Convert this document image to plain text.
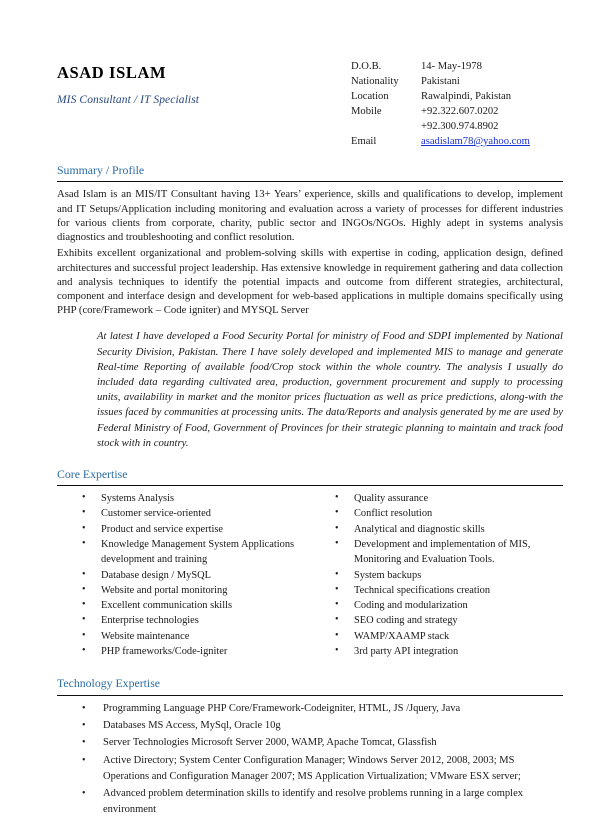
ASAD ISLAM
MIS Consultant / IT Specialist
D.O.B.	14- May-1978
Nationality	Pakistani
Location	Rawalpindi, Pakistan
Mobile	+92.322.607.0202
	+92.300.974.8902
Email	asadislam78@yahoo.com
Summary / Profile

Asad Islam is an MIS/IT Consultant having 13+ Years’ experience, skills and qualifications to develop, implement and IT Setups/Application including monitoring and evaluation across a variety of processes for different industries for various clients from corporate, charity, public sector and INGOs/NGOs. Highly adept in systems analysis diagnostics and troubleshooting and conflict resolution.

Exhibits excellent organizational and problem-solving skills with expertise in coding, application design, defined architectures and successful project leadership. Has extensive knowledge in requirement gathering and data collection and analysis techniques to identify the potential impacts and outcome from different strategies, architectural, component and interface design and development for web-based applications in multiple domains specifically using PHP (core/Framework – Code igniter) and MYSQL Server

At latest I have developed a Food Security Portal for ministry of Food and SDPI implemented by National Security Division, Pakistan. There I have solely developed and implemented MIS to manage and generate Real-time Reporting of available food/Crop stock within the whole country. The analysis I usually do included data regarding cultivated area, production, government procurement and supply to processing units, availability in market and the monitor prices fluctuation as well as price predictions, along-with the issues faced by communities at processing units. The data/Reports and analysis generated by me are used by Federal Ministry of Food, Government of Provinces for their strategic planning to maintain and track food stock with in country.

Core Expertise
• Systems Analysis
• Customer service-oriented
• Product and service expertise
• Knowledge Management System Applications development and training
• Database design / MySQL
• Website and portal monitoring
• Excellent communication skills
• Enterprise technologies
• Website maintenance
• PHP frameworks/Code-igniter
• Quality assurance
• Conflict resolution
• Analytical and diagnostic skills
• Development and implementation of MIS, Monitoring and Evaluation Tools.
• System backups
• Technical specifications creation
• Coding and modularization
• SEO coding and strategy
• WAMP/XAAMP stack
• 3rd party API integration
Technology Expertise
• Programming Language PHP Core/Framework-Codeigniter, HTML, JS /Jquery, Java
• Databases MS Access, MySql, Oracle 10g
• Server Technologies Microsoft Server 2000, WAMP, Apache Tomcat, Glassfish
• Active Directory; System Center Configuration Manager; Windows Server 2012, 2008, 2003; MS Operations and Configuration Manager 2007; MS Application Virtualization; VMware ESX server;
• Advanced problem determination skills to identify and resolve problems running in a large complex environment
